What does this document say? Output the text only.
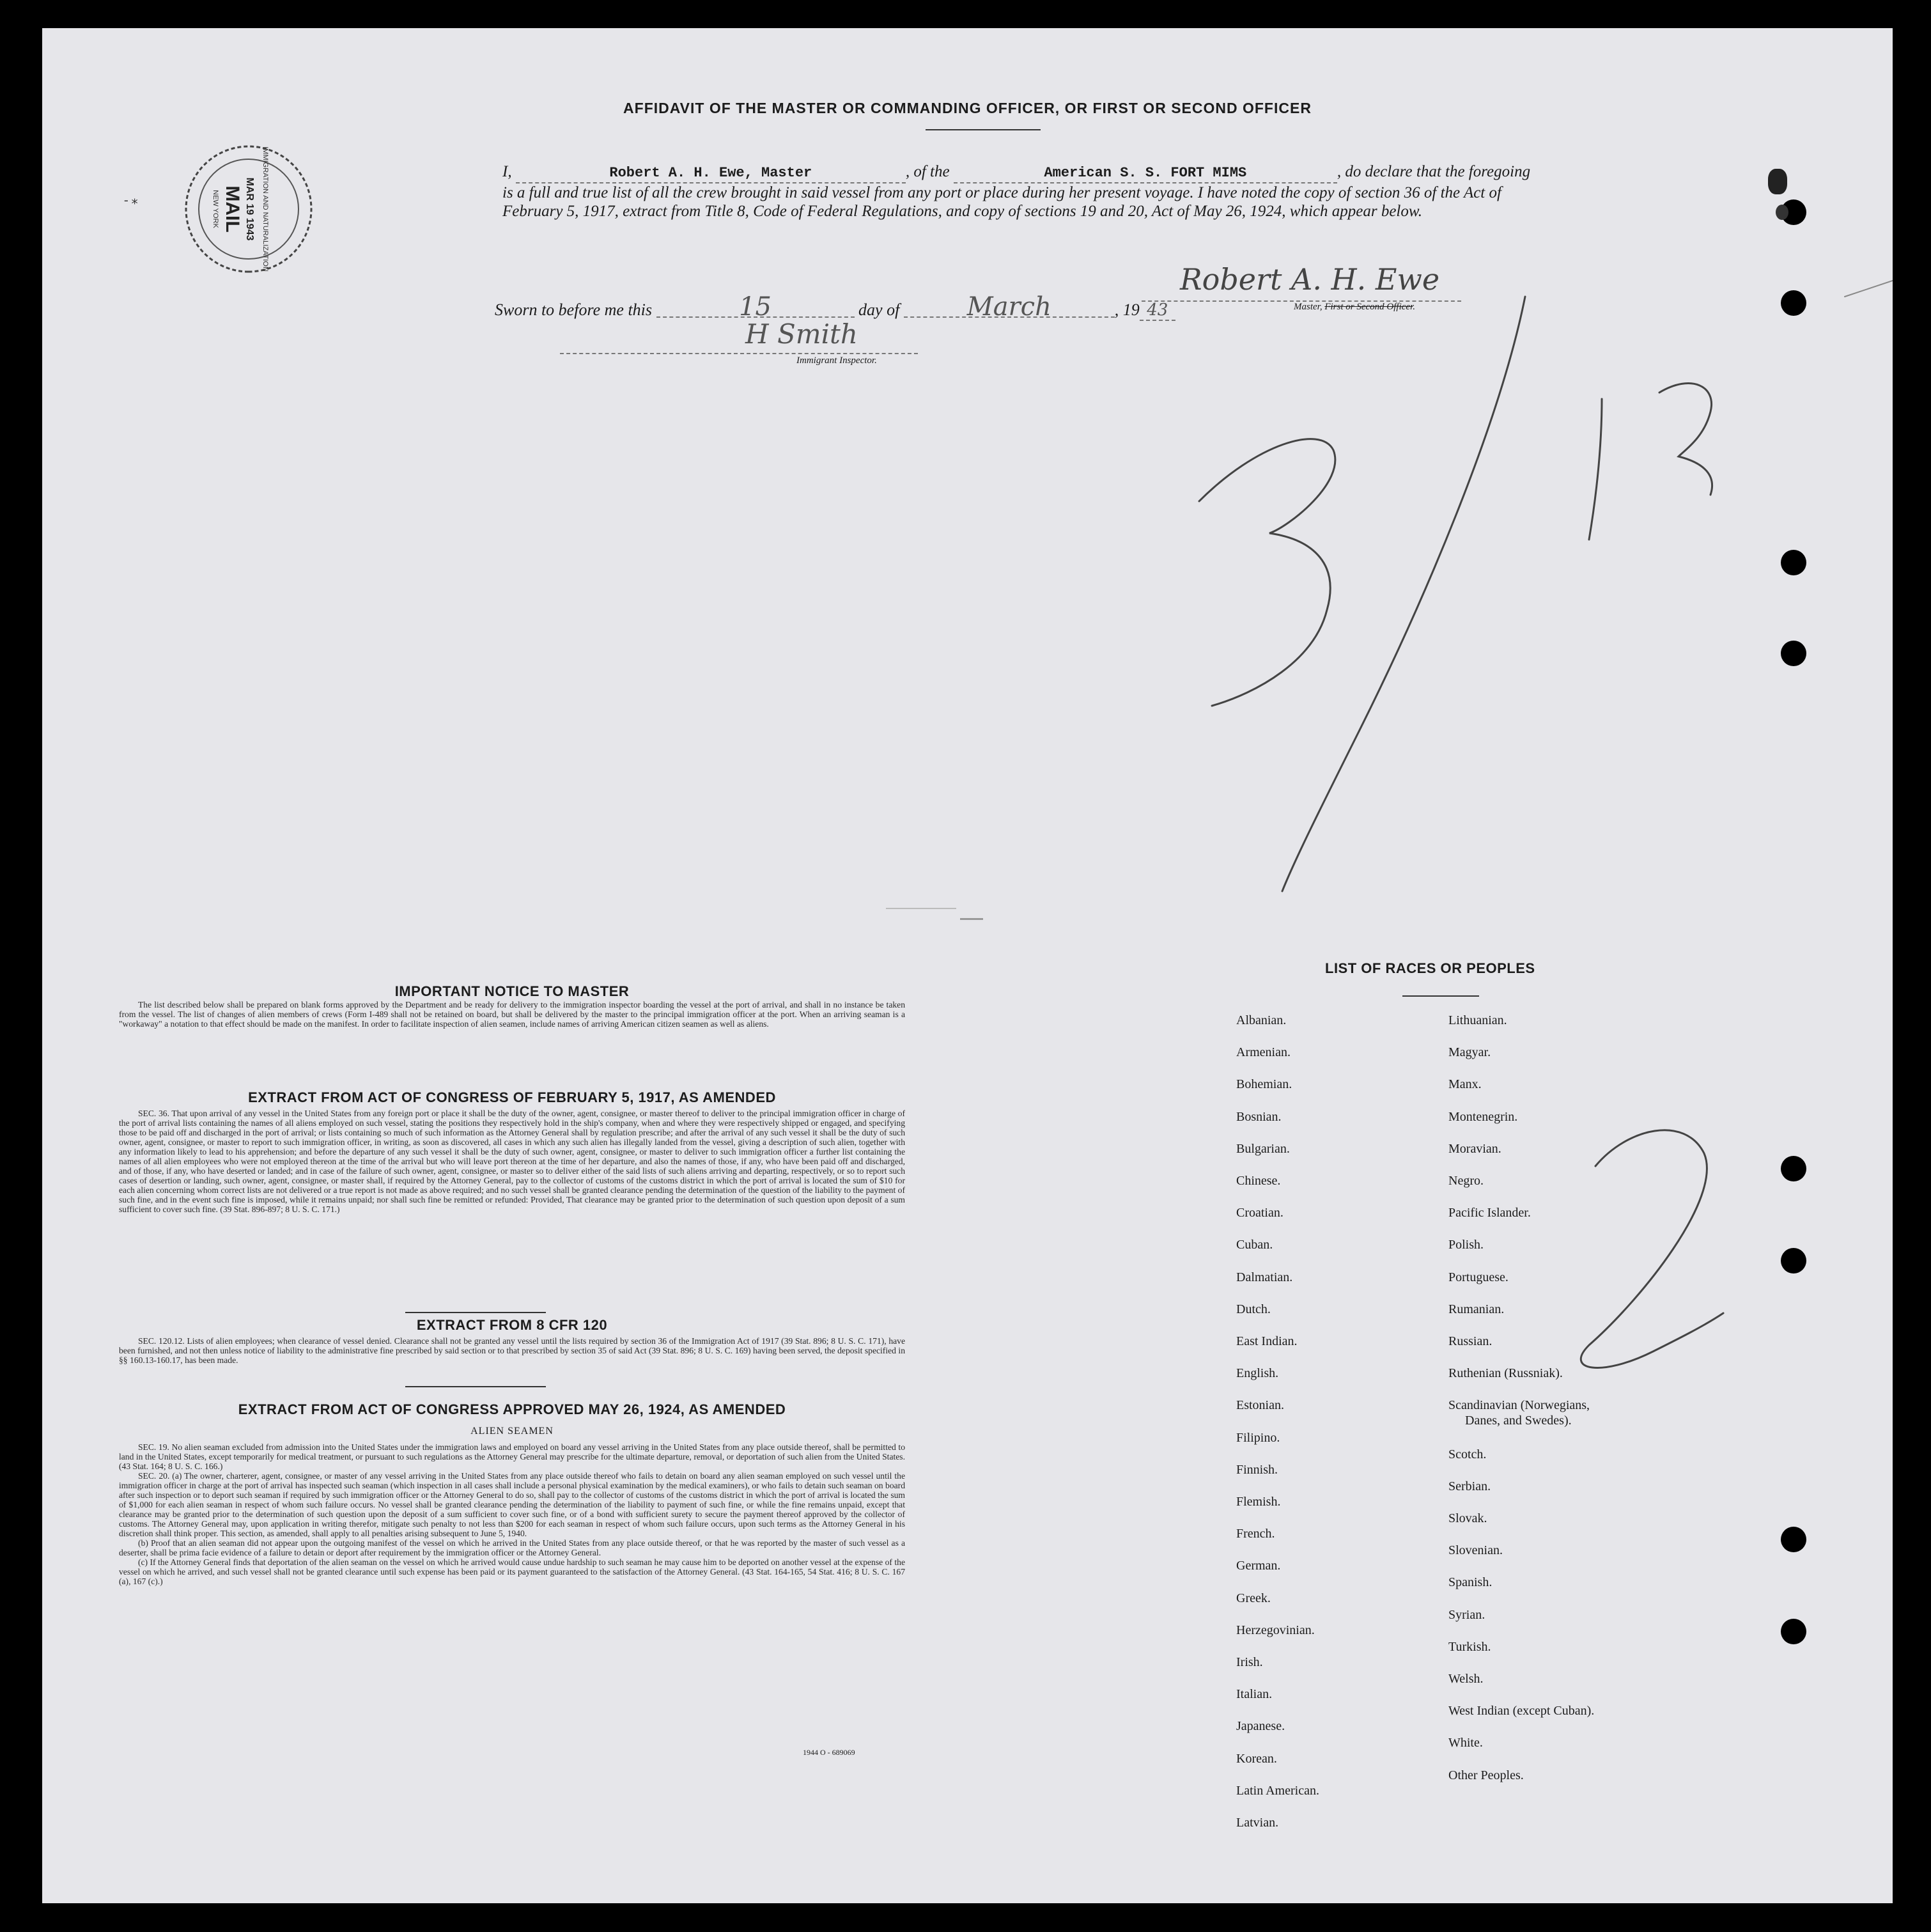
AFFIDAVIT OF THE MASTER OR COMMANDING OFFICER, OR FIRST OR SECOND OFFICER
IMMIGRATION AND NATURALIZATION
MAR 19 1943
MAIL
NEW YORK
- ⁎
I,	Robert A. H. Ewe, Master	, of the	American S. S. FORT MIMS	, do declare that the foregoing is a full and true list of all the crew brought in said vessel from any port or place during her present voyage. I have noted the copy of section 36 of the Act of February 5, 1917, extract from Title 8, Code of Federal Regulations, and copy of sections 19 and 20, Act of May 26, 1924, which appear below.
Robert A. H. Ewe
Master, First or Second Officer.
Sworn to before me this	15	day of	March	, 19 43
H Smith
Immigrant Inspector.
3/13
IMPORTANT NOTICE TO MASTER

The list described below shall be prepared on blank forms approved by the Department and be ready for delivery to the immigration inspector boarding the vessel at the port of arrival, and shall in no instance be taken from the vessel. The list of changes of alien members of crews (Form I-489 shall not be retained on board, but shall be delivered by the master to the principal immigration officer at the port. When an arriving seaman is a "workaway" a notation to that effect should be made on the manifest. In order to facilitate inspection of alien seamen, include names of arriving American citizen seamen as well as aliens.

EXTRACT FROM ACT OF CONGRESS OF FEBRUARY 5, 1917, AS AMENDED

SEC. 36. That upon arrival of any vessel in the United States from any foreign port or place it shall be the duty of the owner, agent, consignee, or master thereof to deliver to the principal immigration officer in charge of the port of arrival lists containing the names of all aliens employed on such vessel, stating the positions they respectively hold in the ship's company, when and where they were respectively shipped or engaged, and specifying those to be paid off and discharged in the port of arrival; or lists containing so much of such information as the Attorney General shall by regulation prescribe; and after the arrival of any such vessel it shall be the duty of such owner, agent, consignee, or master to report to such immigration officer, in writing, as soon as discovered, all cases in which any such alien has illegally landed from the vessel, giving a description of such alien, together with any information likely to lead to his apprehension; and before the departure of any such vessel it shall be the duty of such owner, agent, consignee, or master to deliver to such immigration officer a further list containing the names of all alien employees who were not employed thereon at the time of the arrival but who will leave port thereon at the time of her departure, and also the names of those, if any, who have been paid off and discharged, and of those, if any, who have deserted or landed; and in case of the failure of such owner, agent, consignee, or master so to deliver either of the said lists of such aliens arriving and departing, respectively, or so to report such cases of desertion or landing, such owner, agent, consignee, or master shall, if required by the Attorney General, pay to the collector of customs of the customs district in which the port of arrival is located the sum of $10 for each alien concerning whom correct lists are not delivered or a true report is not made as above required; and no such vessel shall be granted clearance pending the determination of the question of the liability to the payment of such fine, and in the event such fine is imposed, while it remains unpaid; nor shall such fine be remitted or refunded: Provided, That clearance may be granted prior to the determination of such question upon deposit of a sum sufficient to cover such fine. (39 Stat. 896-897; 8 U. S. C. 171.)

EXTRACT FROM 8 CFR 120

SEC. 120.12. Lists of alien employees; when clearance of vessel denied. Clearance shall not be granted any vessel until the lists required by section 36 of the Immigration Act of 1917 (39 Stat. 896; 8 U. S. C. 171), have been furnished, and not then unless notice of liability to the administrative fine prescribed by said section or to that prescribed by section 35 of said Act (39 Stat. 896; 8 U. S. C. 169) having been served, the deposit specified in §§ 160.13-160.17, has been made.

EXTRACT FROM ACT OF CONGRESS APPROVED MAY 26, 1924, AS AMENDED
ALIEN SEAMEN

SEC. 19. No alien seaman excluded from admission into the United States under the immigration laws and employed on board any vessel arriving in the United States from any place outside thereof, shall be permitted to land in the United States, except temporarily for medical treatment, or pursuant to such regulations as the Attorney General may prescribe for the ultimate departure, removal, or deportation of such alien from the United States. (43 Stat. 164; 8 U. S. C. 166.)

SEC. 20. (a) The owner, charterer, agent, consignee, or master of any vessel arriving in the United States from any place outside thereof who fails to detain on board any alien seaman employed on such vessel until the immigration officer in charge at the port of arrival has inspected such seaman (which inspection in all cases shall include a personal physical examination by the medical examiners), or who fails to detain such seaman on board after such inspection or to deport such seaman if required by such immigration officer or the Attorney General to do so, shall pay to the collector of customs of the customs district in which the port of arrival is located the sum of $1,000 for each alien seaman in respect of whom such failure occurs. No vessel shall be granted clearance pending the determination of the liability to payment of such fine, or while the fine remains unpaid, except that clearance may be granted prior to the determination of such question upon the deposit of a sum sufficient to cover such fine, or of a bond with sufficient surety to secure the payment thereof approved by the collector of customs. The Attorney General may, upon application in writing therefor, mitigate such penalty to not less than $200 for each seaman in respect of whom such failure occurs, upon such terms as the Attorney General in his discretion shall think proper. This section, as amended, shall apply to all penalties arising subsequent to June 5, 1940.

(b) Proof that an alien seaman did not appear upon the outgoing manifest of the vessel on which he arrived in the United States from any place outside thereof, or that he was reported by the master of such vessel as a deserter, shall be prima facie evidence of a failure to detain or deport after requirement by the immigration officer or the Attorney General.

(c) If the Attorney General finds that deportation of the alien seaman on the vessel on which he arrived would cause undue hardship to such seaman he may cause him to be deported on another vessel at the expense of the vessel on which he arrived, and such vessel shall not be granted clearance until such expense has been paid or its payment guaranteed to the satisfaction of the Attorney General. (43 Stat. 164-165, 54 Stat. 416; 8 U. S. C. 167 (a), 167 (c).)

1944 O - 689069
LIST OF RACES OR PEOPLES
Albanian.
Armenian.
Bohemian.
Bosnian.
Bulgarian.
Chinese.
Croatian.
Cuban.
Dalmatian.
Dutch.
East Indian.
English.
Estonian.
Filipino.
Finnish.
Flemish.
French.
German.
Greek.
Herzegovinian.
Irish.
Italian.
Japanese.
Korean.
Latin American.
Latvian.
Lithuanian.
Magyar.
Manx.
Montenegrin.
Moravian.
Negro.
Pacific Islander.
Polish.
Portuguese.
Rumanian.
Russian.
Ruthenian (Russniak).
Scandinavian (Norwegians,
Danes, and Swedes).
Scotch.
Serbian.
Slovak.
Slovenian.
Spanish.
Syrian.
Turkish.
Welsh.
West Indian (except Cuban).
White.
Other Peoples.
